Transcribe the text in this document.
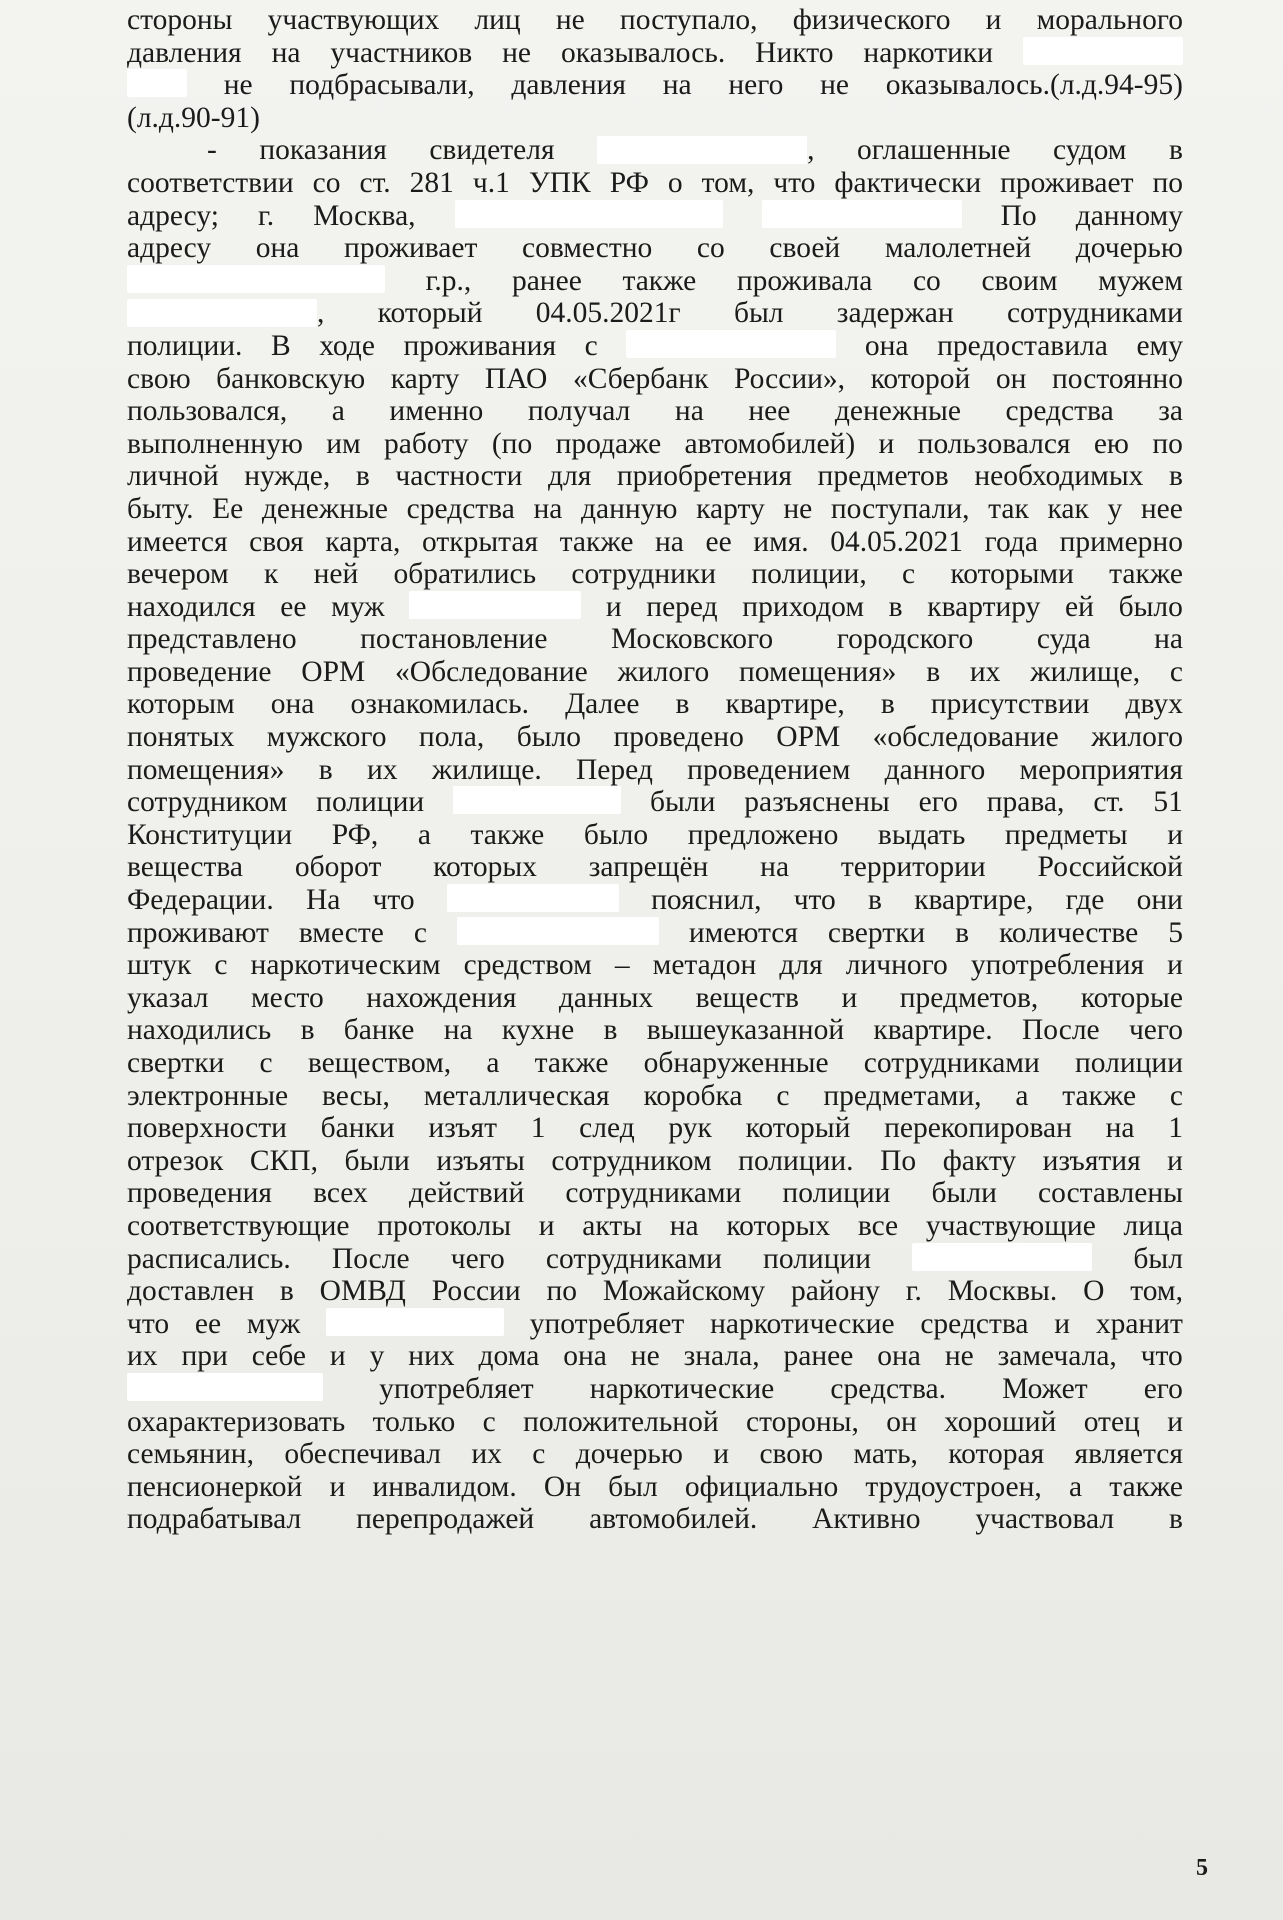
стороны участвующих лиц не поступало, физического и морального
давления на участников не оказывалось. Никто наркотики
не подбрасывали, давления на него не оказывалось.(л.д.94-95)
(л.д.90-91)
- показания свидетеля	, оглашенные судом в
соответствии со ст. 281 ч.1 УПК РФ о том, что фактически проживает по
адресу; г. Москва,	По данному
адресу она проживает совместно со своей малолетней дочерью
г.р., ранее также проживала со своим мужем
, который 04.05.2021г был задержан сотрудниками
полиции. В ходе проживания с	она предоставила ему
свою банковскую карту ПАО «Сбербанк России», которой он постоянно
пользовался, а именно получал на нее денежные средства за
выполненную им работу (по продаже автомобилей) и пользовался ею по
личной нужде, в частности для приобретения предметов необходимых в
быту. Ее денежные средства на данную карту не поступали, так как у нее
имеется своя карта, открытая также на ее имя. 04.05.2021 года примерно
вечером к ней обратились сотрудники полиции, с которыми также
находился ее муж	и перед приходом в квартиру ей было
представлено постановление Московского городского суда на
проведение ОРМ «Обследование жилого помещения» в их жилище, с
которым она ознакомилась. Далее в квартире, в присутствии двух
понятых мужского пола, было проведено ОРМ «обследование жилого
помещения» в их жилище. Перед проведением данного мероприятия
сотрудником полиции	были разъяснены его права, ст. 51
Конституции РФ, а также было предложено выдать предметы и
вещества оборот которых запрещён на территории Российской
Федерации. На что	пояснил, что в квартире, где они
проживают вместе с	имеются свертки в количестве 5
штук с наркотическим средством – метадон для личного употребления и
указал место нахождения данных веществ и предметов, которые
находились в банке на кухне в вышеуказанной квартире. После чего
свертки с веществом, а также обнаруженные сотрудниками полиции
электронные весы, металлическая коробка с предметами, а также с
поверхности банки изъят 1 след рук который перекопирован на 1
отрезок СКП, были изъяты сотрудником полиции. По факту изъятия и
проведения всех действий сотрудниками полиции были составлены
соответствующие протоколы и акты на которых все участвующие лица
расписались. После чего сотрудниками полиции	был
доставлен в ОМВД России по Можайскому району г. Москвы. О том,
что ее муж	употребляет наркотические средства и хранит
их при себе и у них дома она не знала, ранее она не замечала, что
употребляет наркотические средства. Может его
охарактеризовать только с положительной стороны, он хороший отец и
семьянин, обеспечивал их с дочерью и свою мать, которая является
пенсионеркой и инвалидом. Он был официально трудоустроен, а также
подрабатывал перепродажей автомобилей. Активно участвовал в
5
